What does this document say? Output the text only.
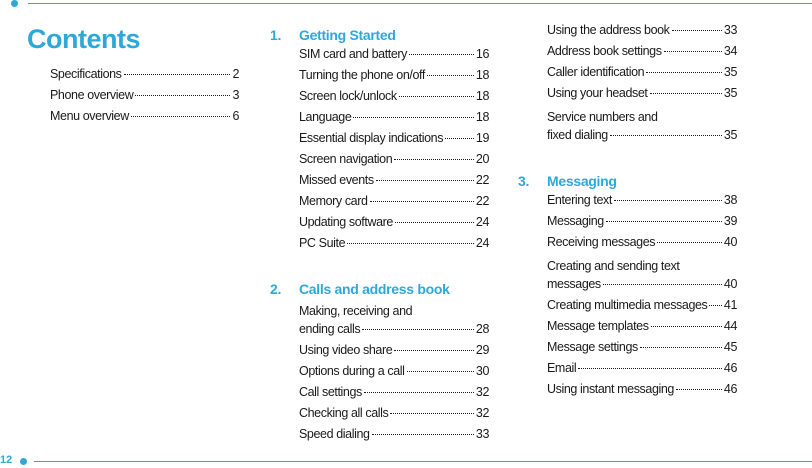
Contents
Specifications	2
Phone overview	3
Menu overview	6
1.	Getting Started
SIM card and battery	16
Turning the phone on/off	18
Screen lock/unlock	18
Language	18
Essential display indications	19
Screen navigation	20
Missed events	22
Memory card	22
Updating software	24
PC Suite	24
2.	Calls and address book
Making, receiving and
ending calls	28
Using video share	29
Options during a call	30
Call settings	32
Checking all calls	32
Speed dialing	33
Using the address book	33
Address book settings	34
Caller identification	35
Using your headset	35
Service numbers and
fixed dialing	35
3.	Messaging
Entering text	38
Messaging	39
Receiving messages	40
Creating and sending text
messages	40
Creating multimedia messages 41
Message templates	44
Message settings	45
Email	46
Using instant messaging	46
12
